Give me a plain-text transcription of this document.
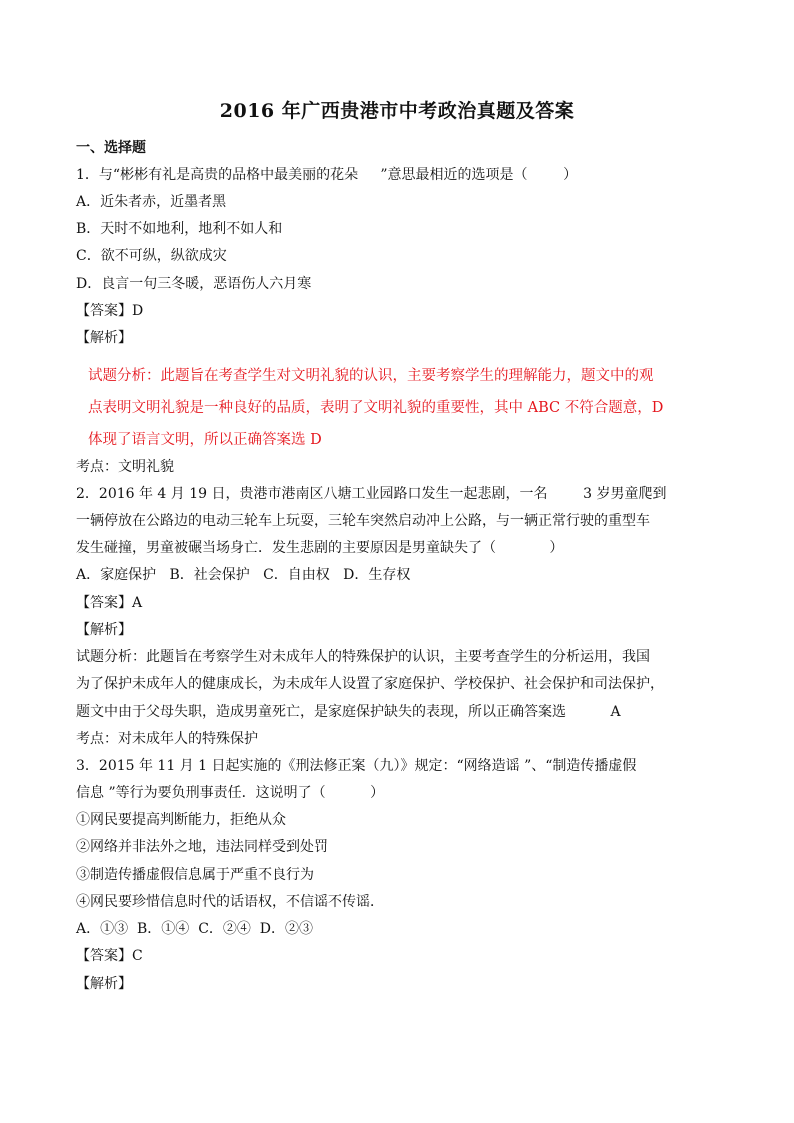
2016 年广西贵港市中考政治真题及答案
一、选择题
1．与“彬彬有礼是高贵的品格中最美丽的花朵     ”意思最相近的选项是（        ）
A．近朱者赤，近墨者黑
B．天时不如地利，地利不如人和
C．欲不可纵，纵欲成灾
D．良言一句三冬暖，恶语伤人六月寒
【答案】D
【解析】
试题分析：此题旨在考查学生对文明礼貌的认识，主要考察学生的理解能力，题文中的观
点表明文明礼貌是一种良好的品质，表明了文明礼貌的重要性，其中 ABC 不符合题意，D
体现了语言文明，所以正确答案选 D
考点：文明礼貌
2．2016 年 4 月 19 日，贵港市港南区八塘工业园路口发生一起悲剧，一名        3 岁男童爬到
一辆停放在公路边的电动三轮车上玩耍，三轮车突然启动冲上公路，与一辆正常行驶的重型车
发生碰撞，男童被碾当场身亡．发生悲剧的主要原因是男童缺失了（            ）
A．家庭保护   B．社会保护   C．自由权   D．生存权
【答案】A
【解析】
试题分析：此题旨在考察学生对未成年人的特殊保护的认识，主要考查学生的分析运用，我国
为了保护未成年人的健康成长，为未成年人设置了家庭保护、学校保护、社会保护和司法保护，
题文中由于父母失职，造成男童死亡，是家庭保护缺失的表现，所以正确答案选          A
考点：对未成年人的特殊保护
3．2015 年 11 月 1 日起实施的《刑法修正案（九）》规定：“网络造谣 ”、“制造传播虚假
信息 ”等行为要负刑事责任．这说明了（          ）
①网民要提高判断能力，拒绝从众
②网络并非法外之地，违法同样受到处罚
③制造传播虚假信息属于严重不良行为
④网民要珍惜信息时代的话语权，不信谣不传谣．
A．①③  B．①④  C．②④  D．②③
【答案】C
【解析】
